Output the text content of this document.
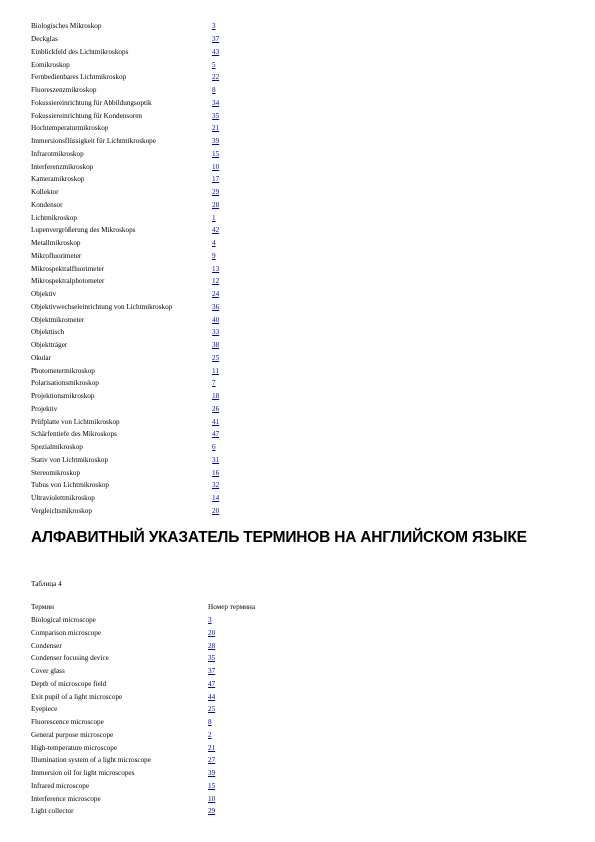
Biologisches Mikroskop	3
Deckglas	37
Einblickfeld des Lichtmikroskops	43
Eomikroskop	5
Fernbedienbares Lichtmikroskop	22
Fluoreszenzmikroskop	8
Fokussiereinrichtung für Abbildungsoptik	34
Fokussiereinrichtung für Kondensoren	35
Hochtemperaturmikroskop	21
Immersionsflüssigkeit für Lichtmikroskope	39
Infrarotmikroskop	15
Interferenzmikroskop	10
Kameramikroskop	17
Kollektor	29
Kondensor	28
Lichtmikroskop	1
Lupenvergrößerung des Mikroskops	42
Metallmikroskop	4
Mikrofluorimeter	9
Mikrospektralfluorimeter	13
Mikrospektralphotometer	12
Objektiv	24
Objektivwechseleinrichtung von Lichtmikroskop	36
Objektmikrometer	40
Objekttisch	33
Objektträger	38
Okular	25
Photometermikroskop	11
Polarisationsmikroskop	7
Projektionsmikroskop	18
Projektiv	26
Prüfplatte von Lichtmikroskop	41
Schärfentiefe des Mikroskops	47
Spezialmikroskop	6
Stativ von Lichtmikroskop	31
Stereomikroskop	16
Tubus von Lichtmikroskop	32
Ultraviolettmikroskop	14
Vergleichsmikroskop	20
АЛФАВИТНЫЙ УКАЗАТЕЛЬ ТЕРМИНОВ НА АНГЛИЙСКОМ ЯЗЫКЕ
Таблица 4
Термин	Номер термина
Biological microscope	3
Comparison microscope	20
Condenser	28
Condenser focusing device	35
Cover glass	37
Depth of microscope field	47
Exit pupil of a light microscope	44
Eyepiece	25
Fluorescence microscope	8
General purpose microscope	2
High-temperature microscope	21
Illumination system of a light microscope	27
Immersion oil for light microscopes	39
Infrared microscope	15
Interference microscope	10
Light collector	29
